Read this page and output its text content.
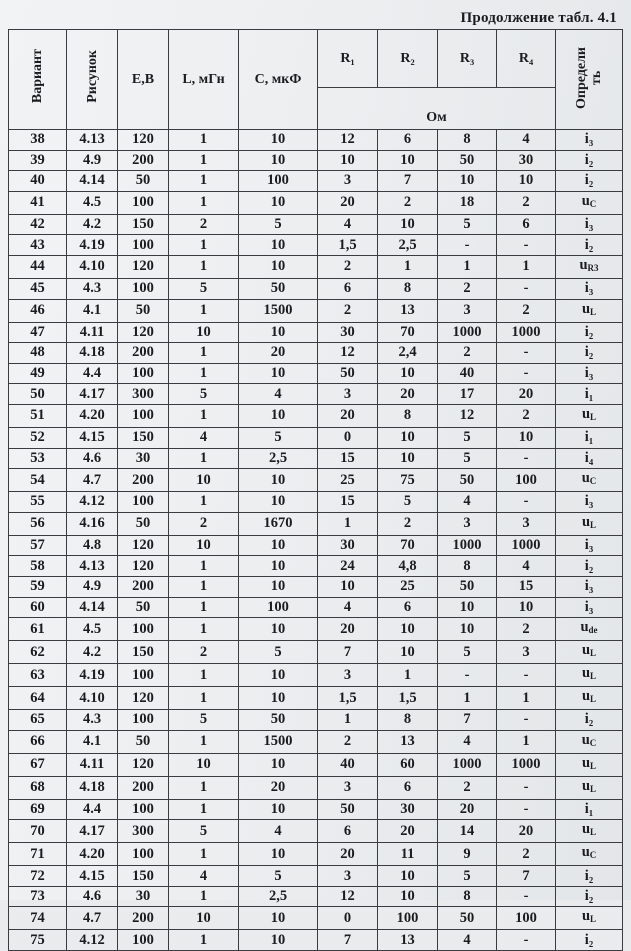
Продолжение табл. 4.1
Вариант	Рисунок	E,B	L, мГн	C, мкФ	R₁	R₂	R₃	R₄	Определи
ть
					Ом				
38	4.13	120	1	10	12	6	8	4	i₃
39	4.9	200	1	10	10	10	50	30	i₂
40	4.14	50	1	100	3	7	10	10	i₂
41	4.5	100	1	10	20	2	18	2	$u_C$
42	4.2	150	2	5	4	10	5	6	i₃
43	4.19	100	1	10	1,5	2,5	-	-	i₂
44	4.10	120	1	10	2	1	1	1	$u_{R3}$
45	4.3	100	5	50	6	8	2	-	i₃
46	4.1	50	1	1500	2	13	3	2	$u_L$
47	4.11	120	10	10	30	70	1000	1000	i₂
48	4.18	200	1	20	12	2,4	2	-	i₂
49	4.4	100	1	10	50	10	40	-	i₃
50	4.17	300	5	4	3	20	17	20	i₁
51	4.20	100	1	10	20	8	12	2	$u_L$
52	4.15	150	4	5	0	10	5	10	i₁
53	4.6	30	1	2,5	15	10	5	-	i₄
54	4.7	200	10	10	25	75	50	100	$u_C$
55	4.12	100	1	10	15	5	4	-	i₃
56	4.16	50	2	1670	1	2	3	3	$u_L$
57	4.8	120	10	10	30	70	1000	1000	i₃
58	4.13	120	1	10	24	4,8	8	4	i₂
59	4.9	200	1	10	10	25	50	15	i₃
60	4.14	50	1	100	4	6	10	10	i₃
61	4.5	100	1	10	20	10	10	2	$u_{de}$
62	4.2	150	2	5	7	10	5	3	$u_L$
63	4.19	100	1	10	3	1	-	-	$u_L$
64	4.10	120	1	10	1,5	1,5	1	1	$u_L$
65	4.3	100	5	50	1	8	7	-	i₂
66	4.1	50	1	1500	2	13	4	1	$u_C$
67	4.11	120	10	10	40	60	1000	1000	$u_L$
68	4.18	200	1	20	3	6	2	-	$u_L$
69	4.4	100	1	10	50	30	20	-	i₁
70	4.17	300	5	4	6	20	14	20	$u_L$
71	4.20	100	1	10	20	11	9	2	$u_C$
72	4.15	150	4	5	3	10	5	7	i₂
73	4.6	30	1	2,5	12	10	8	-	i₂
74	4.7	200	10	10	0	100	50	100	$u_L$
75	4.12	100	1	10	7	13	4	-	i₂
